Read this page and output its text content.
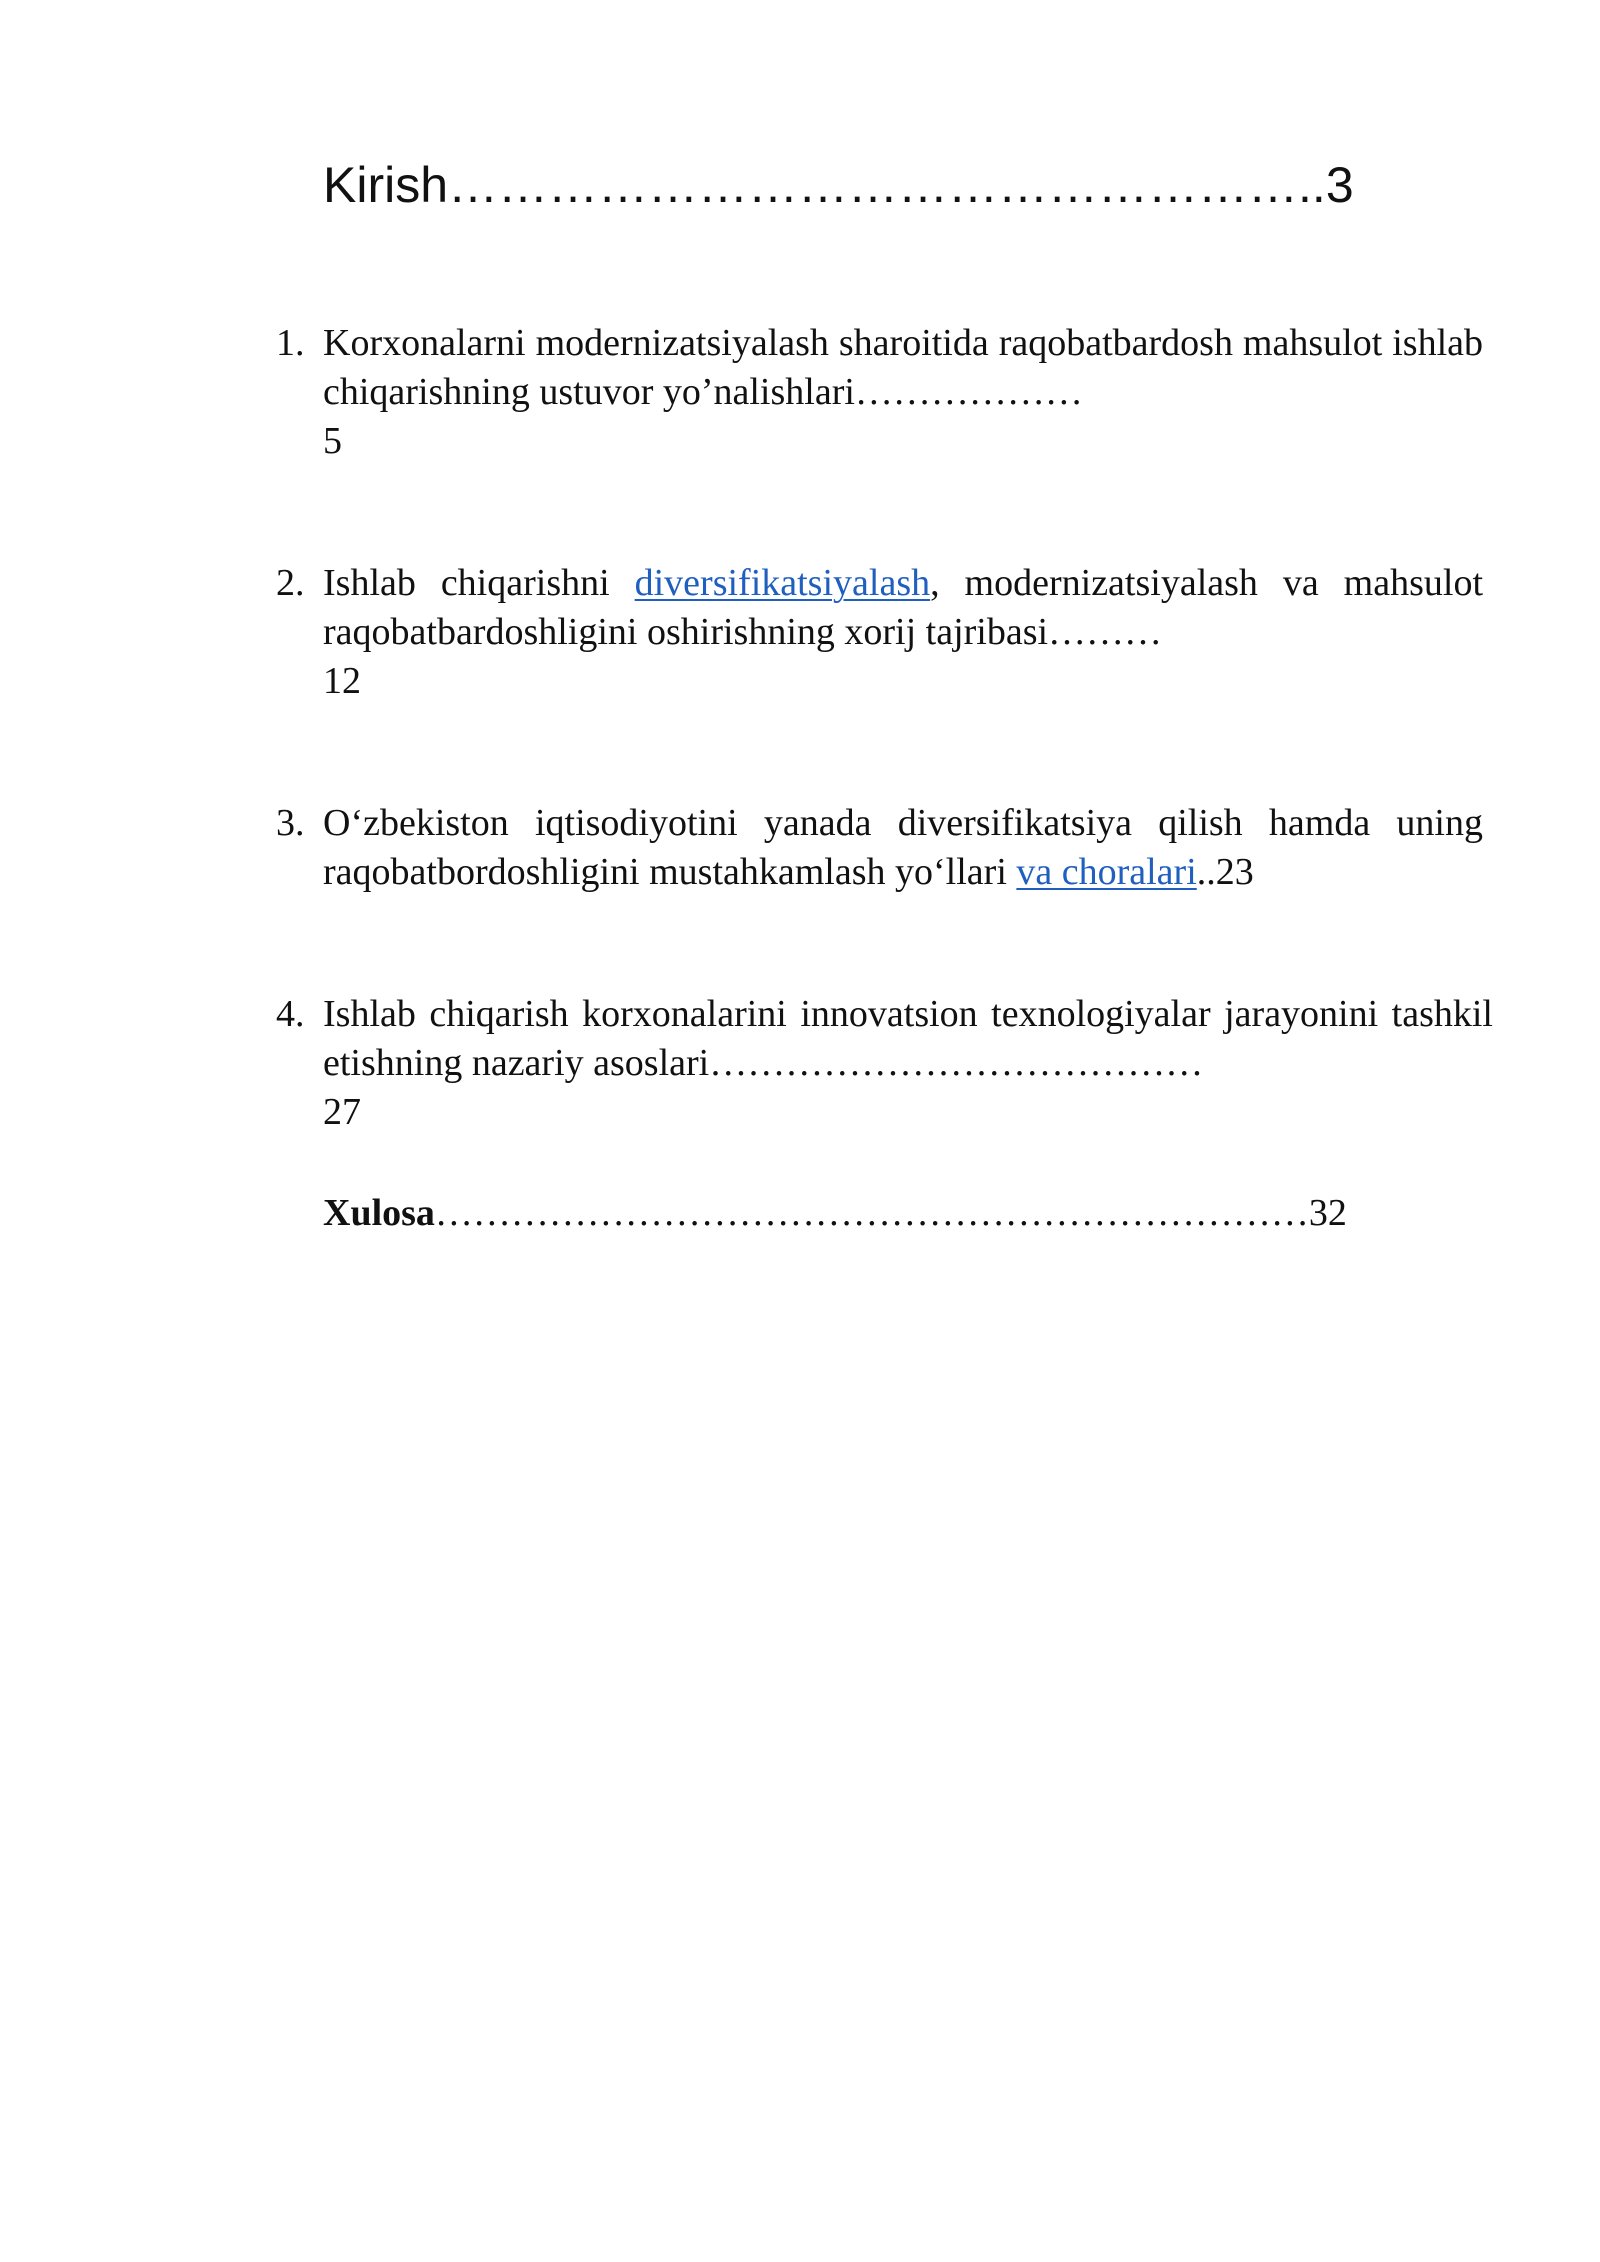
Kirish……………………………………………..3
1. Korxonalarni modernizatsiyalash sharoitida raqobatbardosh mahsulot ishlab chiqarishning ustuvor yo’nalishlari………………
5
2. Ishlab chiqarishni diversifikatsiyalash, modernizatsiyalash va mahsulot raqobatbardoshligini oshirishning xorij tajribasi………
12
3. O‘zbekiston iqtisodiyotini yanada diversifikatsiya qilish hamda uning raqobatbordoshligini mustahkamlash yo‘llari va choralari..23
4. Ishlab chiqarish korxonalarini innovatsion texnologiyalar jarayonini tashkil etishning nazariy asoslari…………………………………
27
Xulosa……………………………………………………………32
